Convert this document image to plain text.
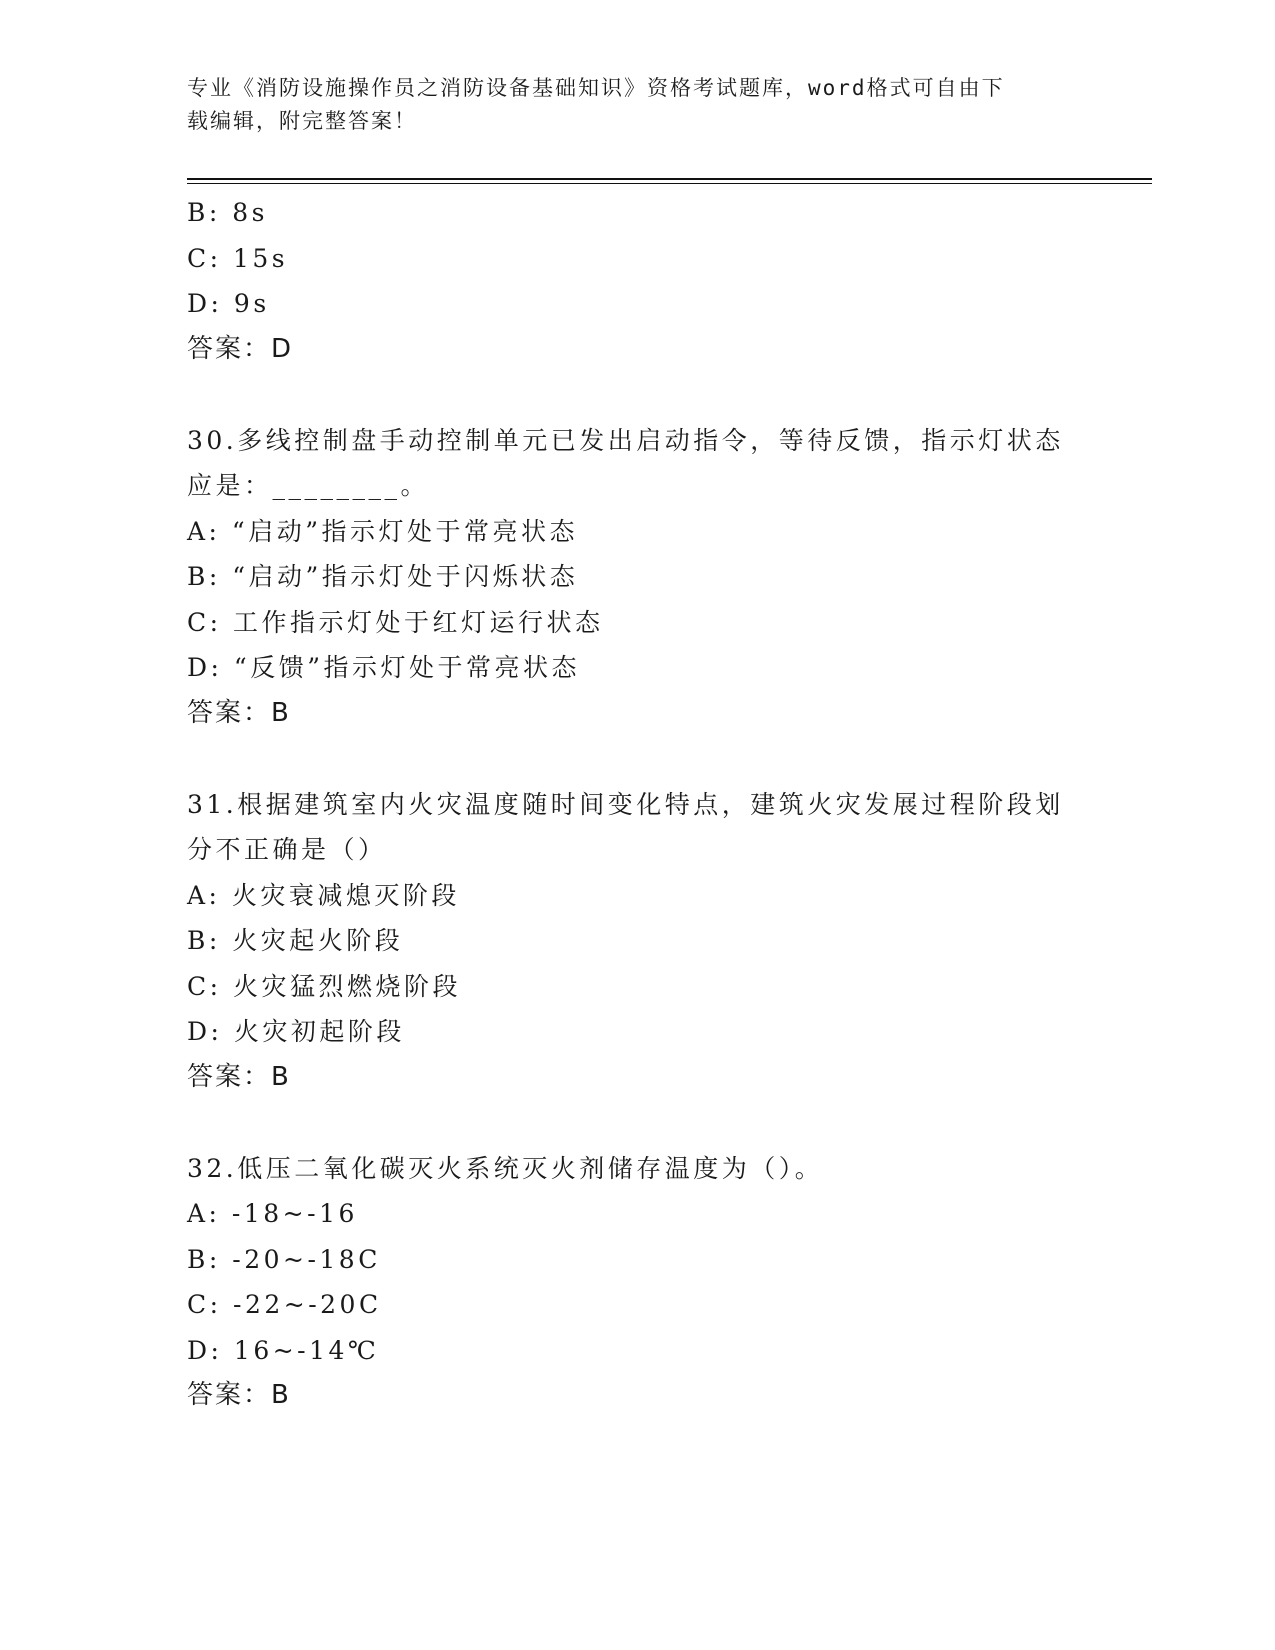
专业《消防设施操作员之消防设备基础知识》资格考试题库，word格式可自由下
载编辑，附完整答案！
B: 8s
C: 15s
D: 9s
答案：D
30.多线控制盘手动控制单元已发出启动指令，等待反馈，指示灯状态
应是：________。
A: “启动”指示灯处于常亮状态
B: “启动”指示灯处于闪烁状态
C: 工作指示灯处于红灯运行状态
D: “反馈”指示灯处于常亮状态
答案：B
31.根据建筑室内火灾温度随时间变化特点，建筑火灾发展过程阶段划
分不正确是（）
A: 火灾衰减熄灭阶段
B: 火灾起火阶段
C: 火灾猛烈燃烧阶段
D: 火灾初起阶段
答案：B
32.低压二氧化碳灭火系统灭火剂储存温度为（）。
A: -18~-16
B: -20~-18C
C: -22~-20C
D: 16~-14℃
答案：B
